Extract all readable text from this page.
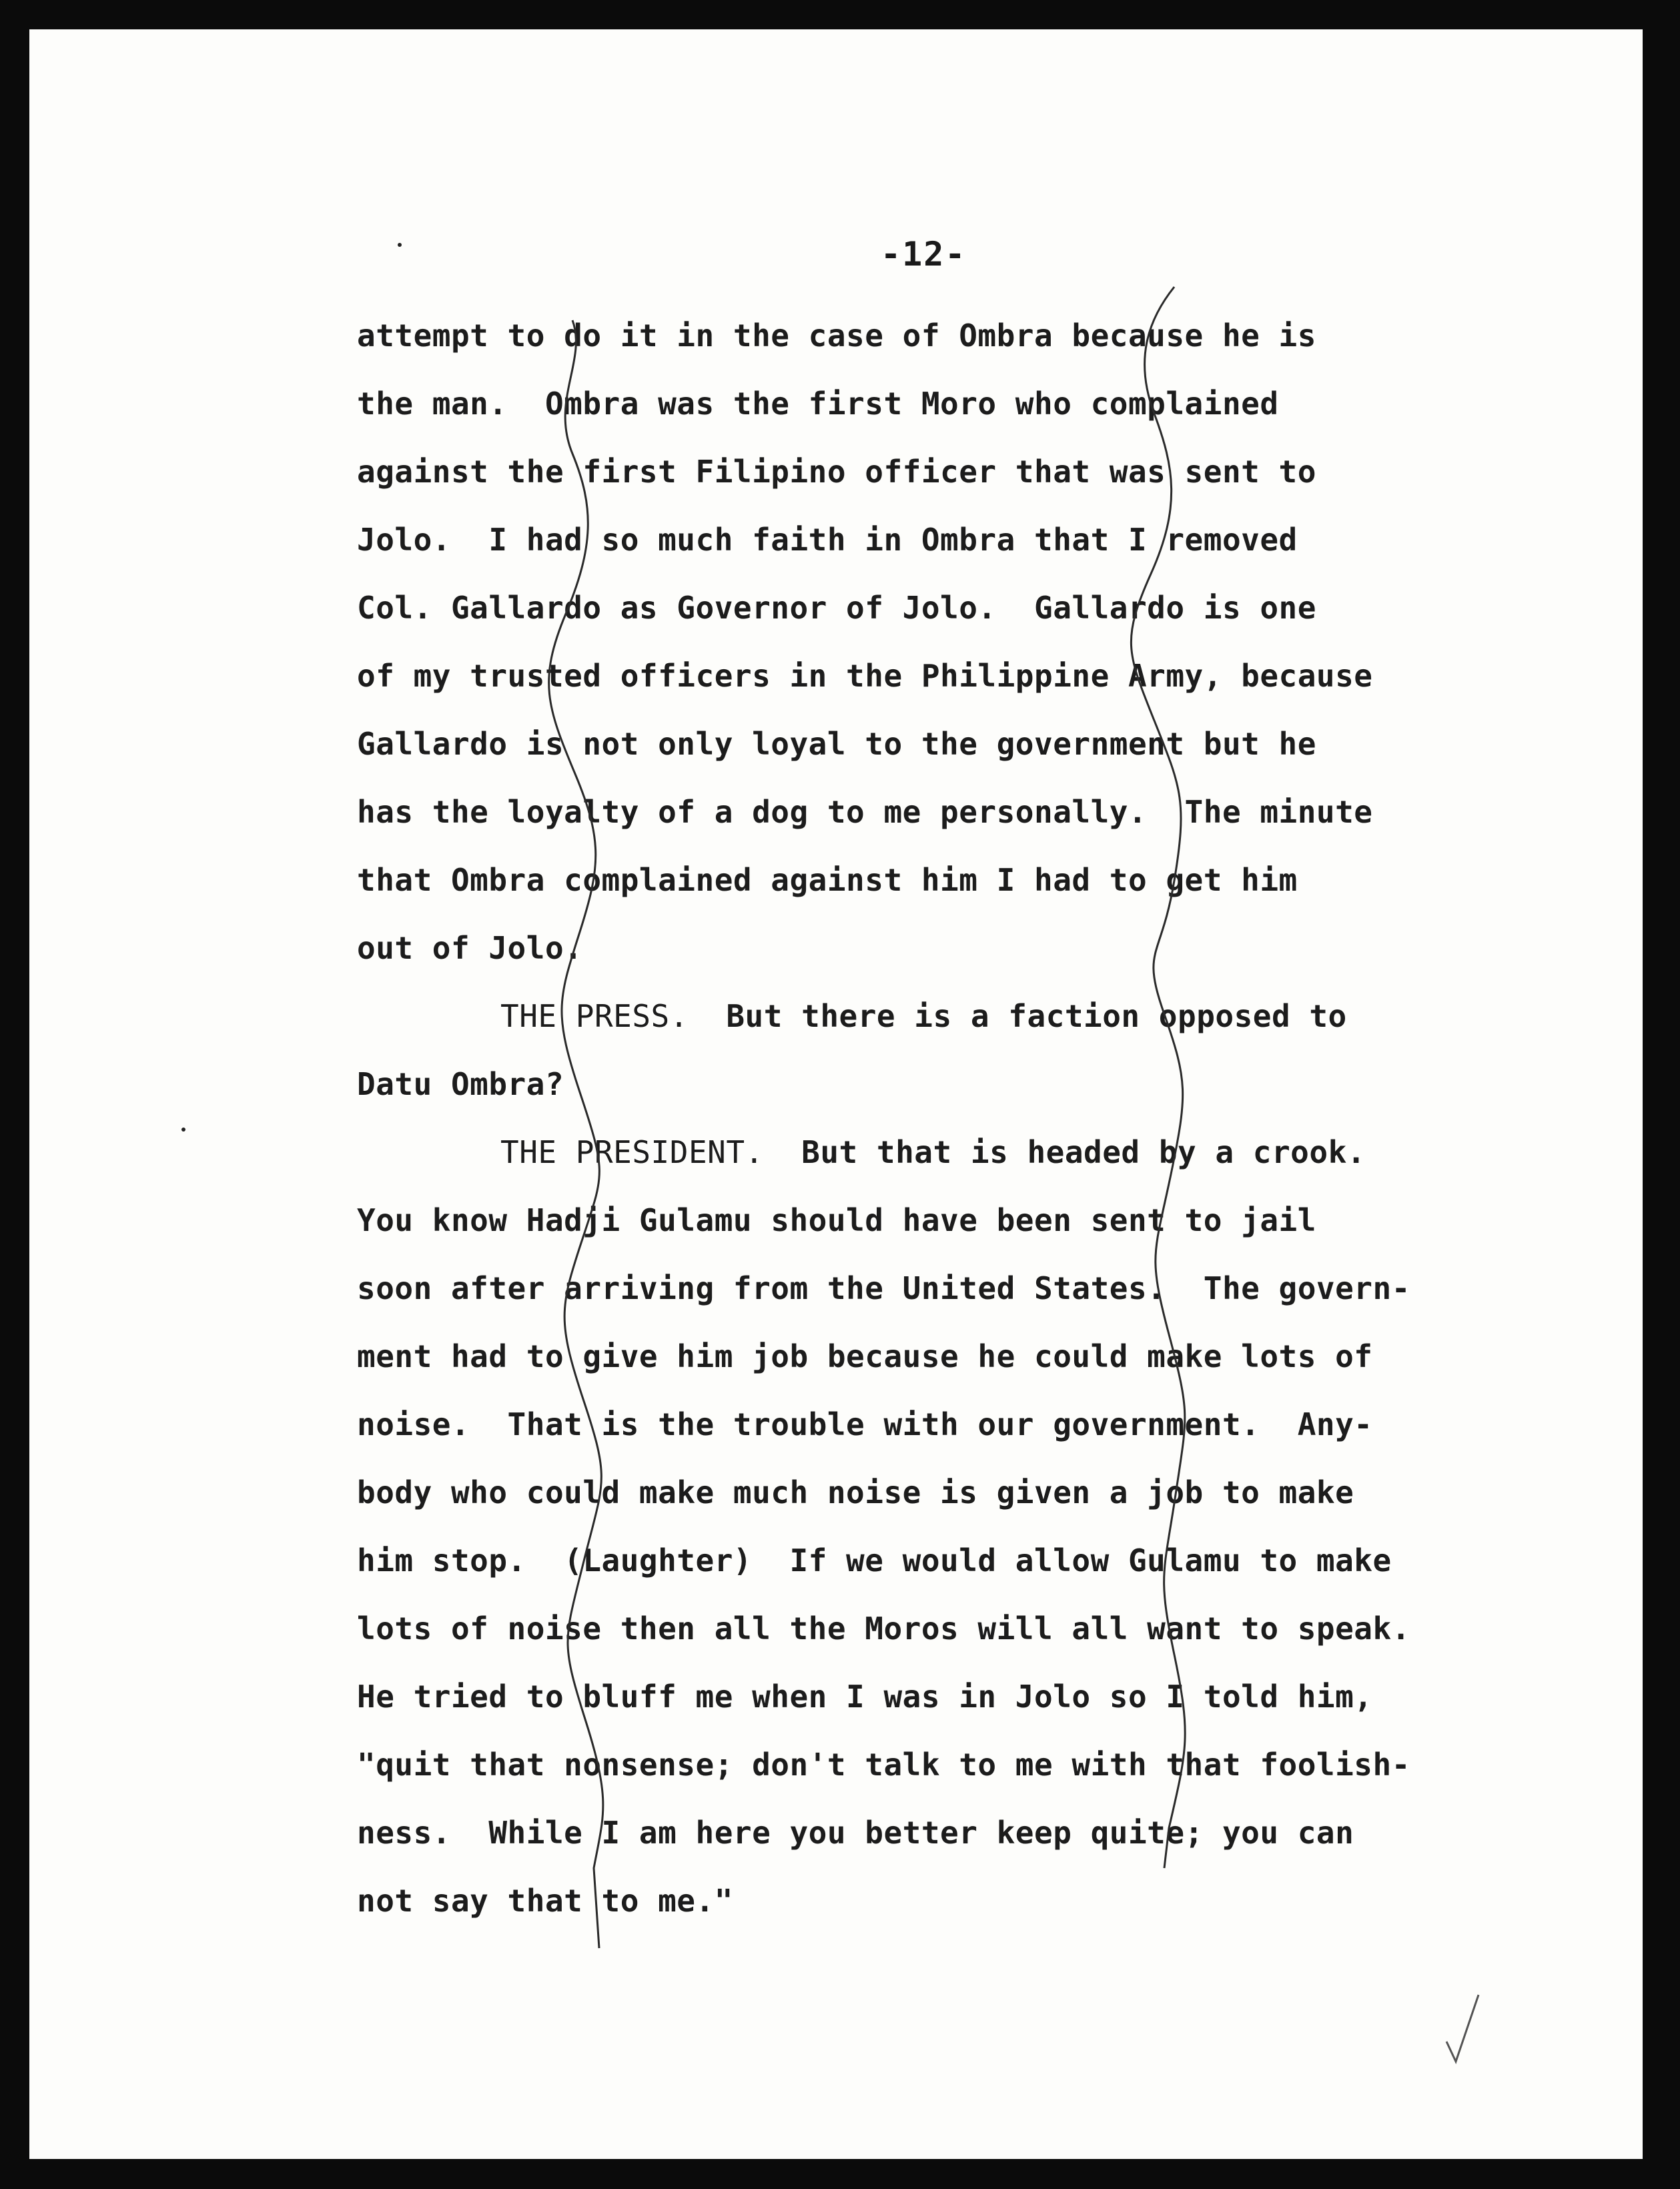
-12-
attempt to do it in the case of Ombra because he is
the man.  Ombra was the first Moro who complained
against the first Filipino officer that was sent to
Jolo.  I had so much faith in Ombra that I removed
Col. Gallardo as Governor of Jolo.  Gallardo is one
of my trusted officers in the Philippine Army, because
Gallardo is not only loyal to the government but he
has the loyalty of a dog to me personally.  The minute
that Ombra complained against him I had to get him
out of Jolo.
THE PRESS.  But there is a faction opposed to
Datu Ombra?
THE PRESIDENT.  But that is headed by a crook.
You know Hadji Gulamu should have been sent to jail
soon after arriving from the United States.  The govern-
ment had to give him job because he could make lots of
noise.  That is the trouble with our government.  Any-
body who could make much noise is given a job to make
him stop.  (Laughter)  If we would allow Gulamu to make
lots of noise then all the Moros will all want to speak.
He tried to bluff me when I was in Jolo so I told him,
"quit that nonsense; don't talk to me with that foolish-
ness.  While I am here you better keep quite; you can
not say that to me."
